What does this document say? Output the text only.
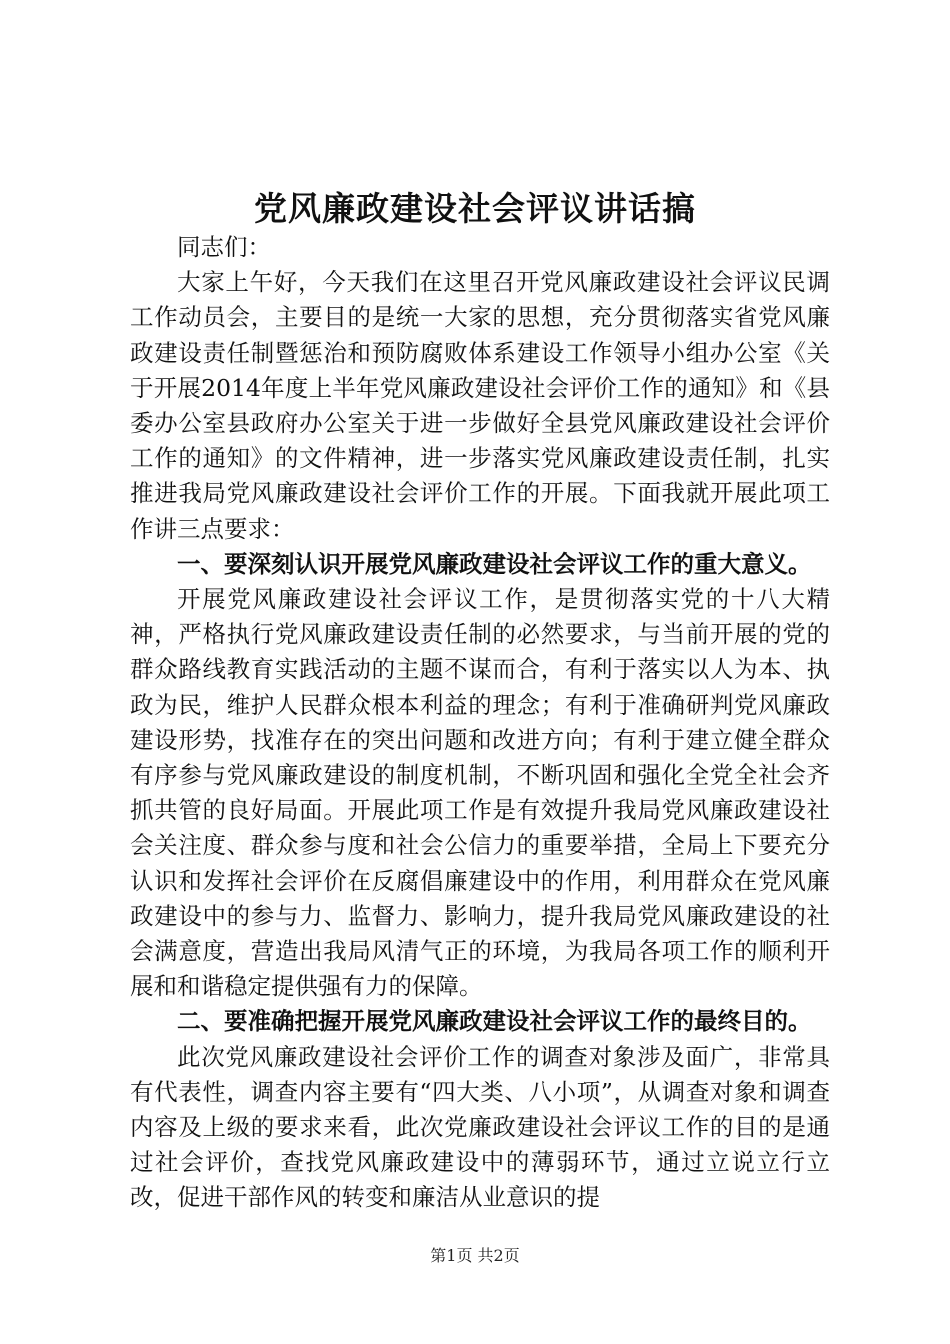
党风廉政建设社会评议讲话搞

同志们：

大家上午好，今天我们在这里召开党风廉政建设社会评议民调工作动员会，主要目的是统一大家的思想，充分贯彻落实省党风廉政建设责任制暨惩治和预防腐败体系建设工作领导小组办公室《关于开展2014年度上半年党风廉政建设社会评价工作的通知》和《县委办公室县政府办公室关于进一步做好全县党风廉政建设社会评价工作的通知》的文件精神，进一步落实党风廉政建设责任制，扎实推进我局党风廉政建设社会评价工作的开展。下面我就开展此项工作讲三点要求：

一、要深刻认识开展党风廉政建设社会评议工作的重大意义。

开展党风廉政建设社会评议工作，是贯彻落实党的十八大精神，严格执行党风廉政建设责任制的必然要求，与当前开展的党的群众路线教育实践活动的主题不谋而合，有利于落实以人为本、执政为民，维护人民群众根本利益的理念；有利于准确研判党风廉政建设形势，找准存在的突出问题和改进方向；有利于建立健全群众有序参与党风廉政建设的制度机制，不断巩固和强化全党全社会齐抓共管的良好局面。开展此项工作是有效提升我局党风廉政建设社会关注度、群众参与度和社会公信力的重要举措，全局上下要充分认识和发挥社会评价在反腐倡廉建设中的作用，利用群众在党风廉政建设中的参与力、监督力、影响力，提升我局党风廉政建设的社会满意度，营造出我局风清气正的环境，为我局各项工作的顺利开展和和谐稳定提供强有力的保障。

二、要准确把握开展党风廉政建设社会评议工作的最终目的。

此次党风廉政建设社会评价工作的调查对象涉及面广，非常具有代表性，调查内容主要有“四大类、八小项”，从调查对象和调查内容及上级的要求来看，此次党廉政建设社会评议工作的目的是通过社会评价，查找党风廉政建设中的薄弱环节，通过立说立行立改，促进干部作风的转变和廉洁从业意识的提

第1页 共2页
